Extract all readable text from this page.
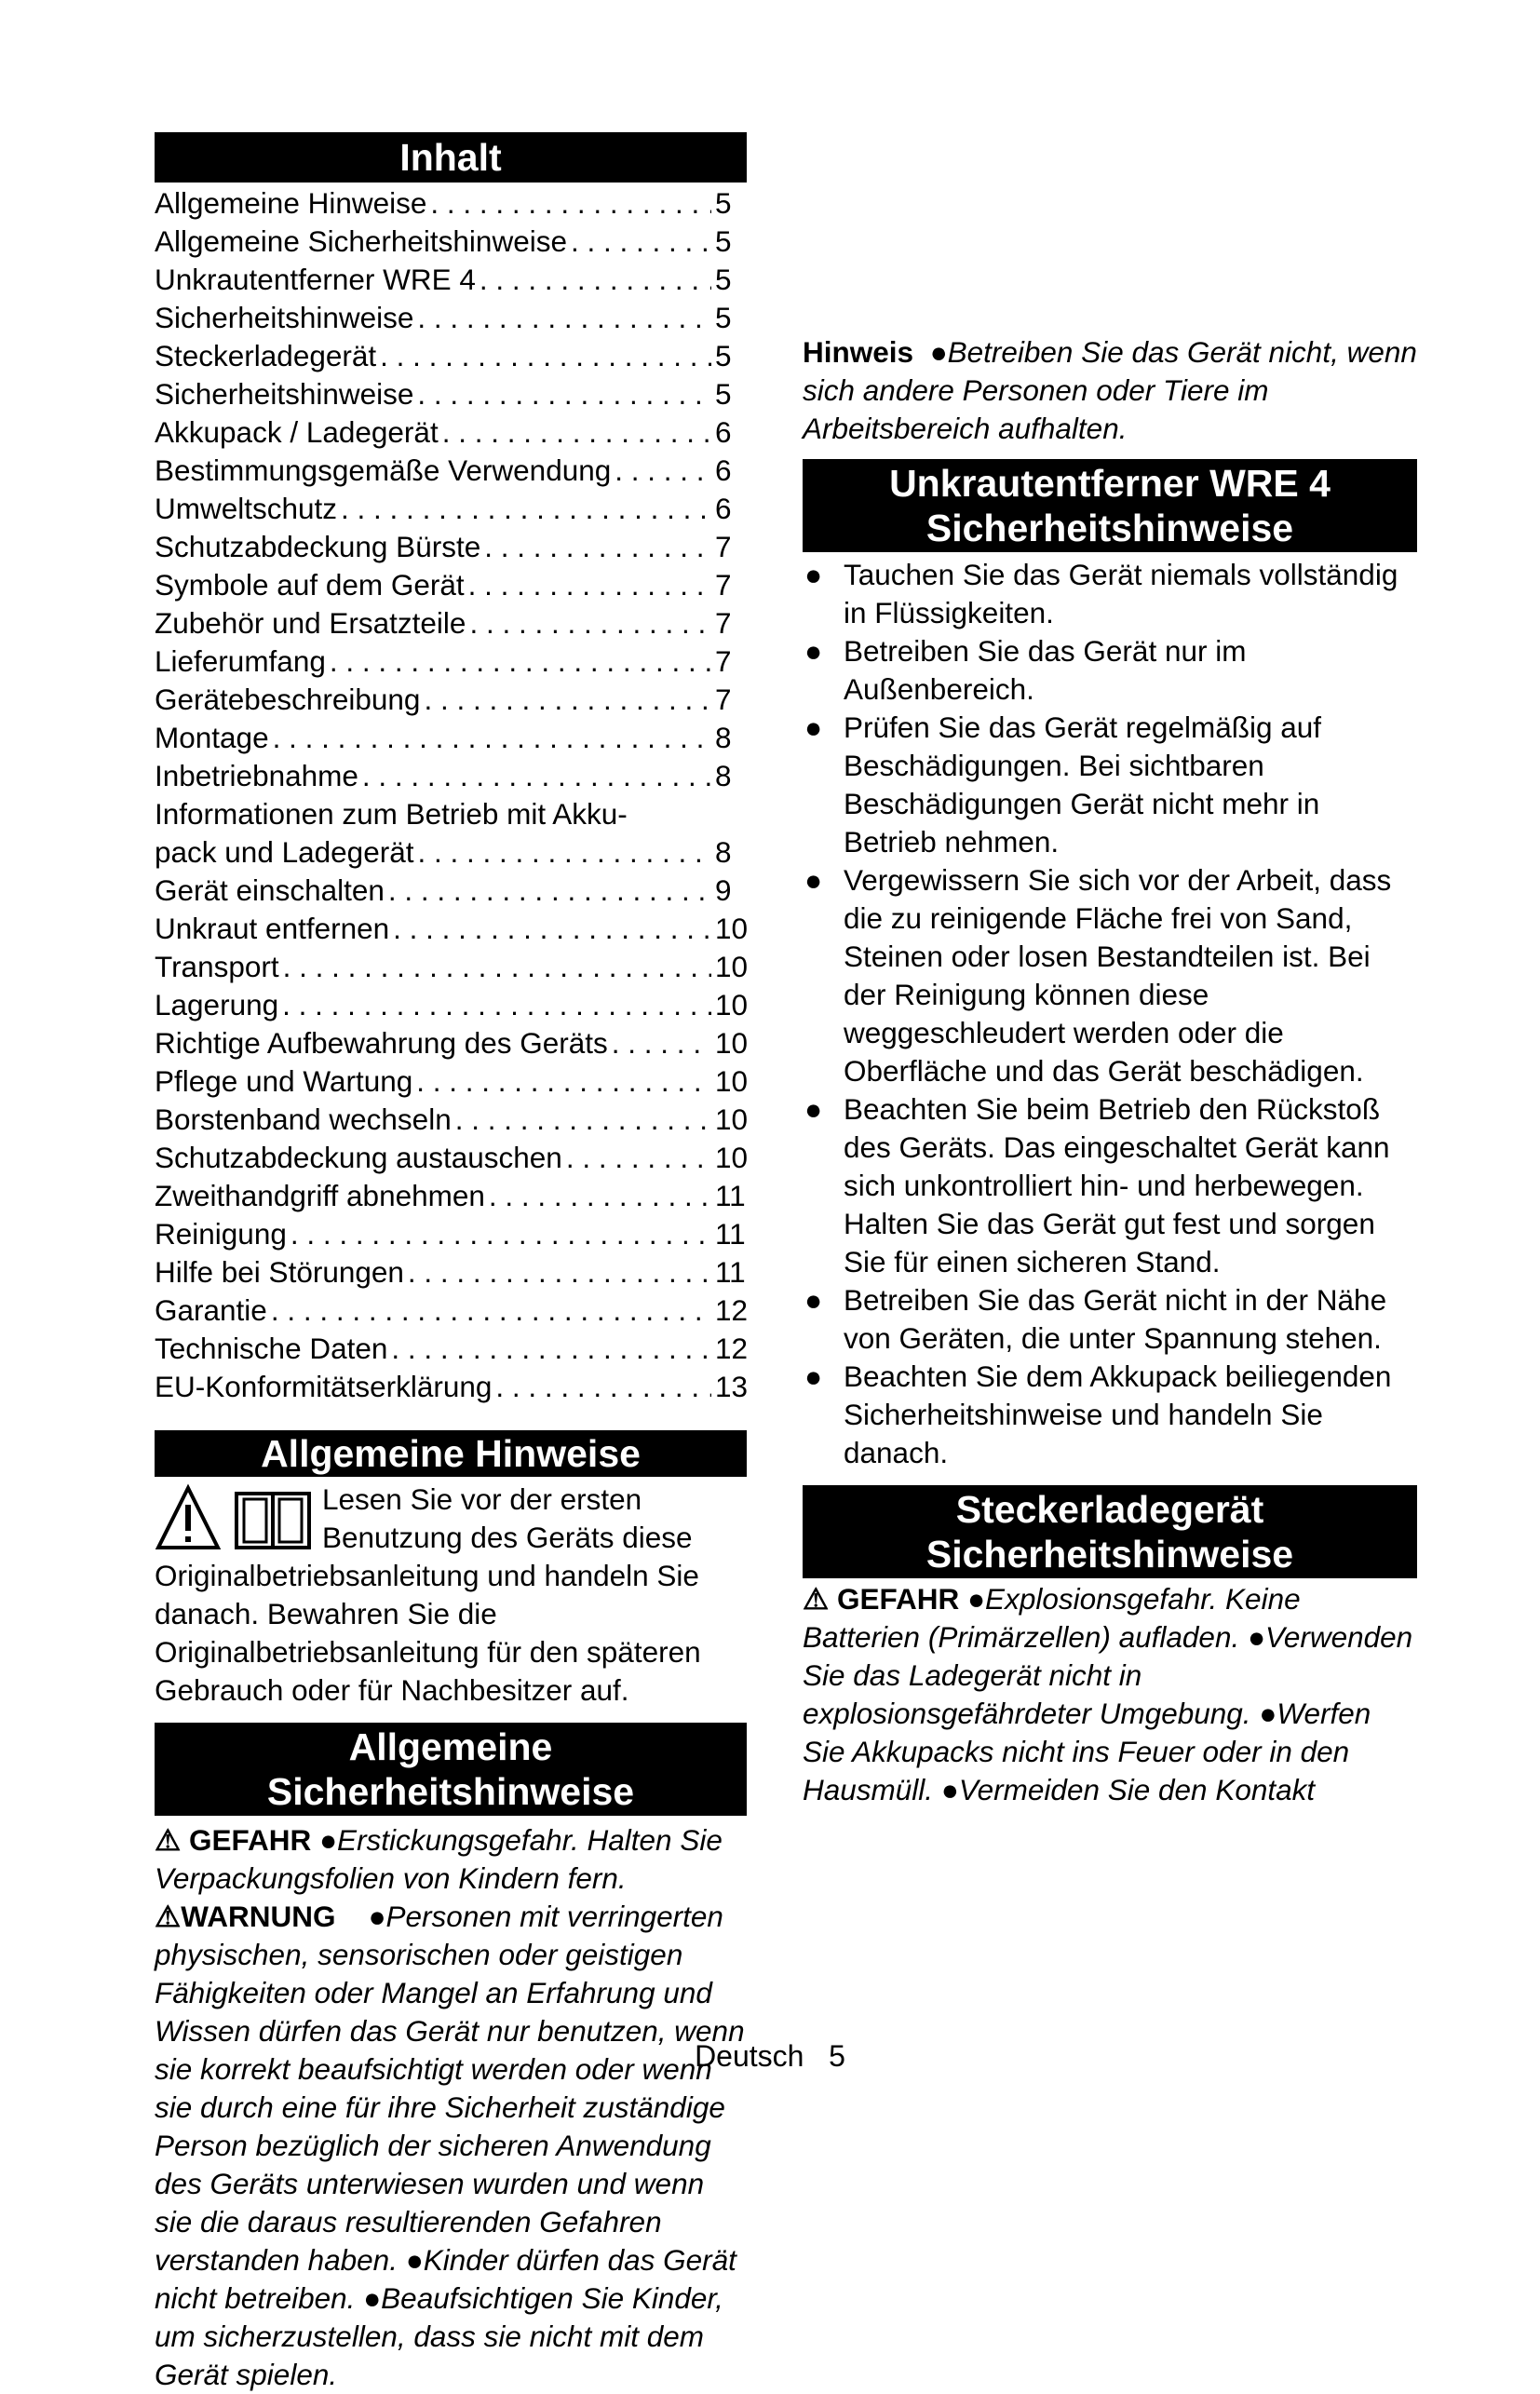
Inhalt
Allgemeine Hinweise . . .	5
Allgemeine Sicherheitshinweise . . .	5
Unkrautentferner WRE 4 . . .	5
Sicherheitshinweise . . .	5
Steckerladegerät . . .	5
Sicherheitshinweise . . .	5
Akkupack / Ladegerät . . .	6
Bestimmungsgemäße Verwendung . . .	6
Umweltschutz . . .	6
Schutzabdeckung Bürste . . .	7
Symbole auf dem Gerät . . .	7
Zubehör und Ersatzteile . . .	7
Lieferumfang . . .	7
Gerätebeschreibung . . .	7
Montage . . .	8
Inbetriebnahme . . .	8
Informationen zum Betrieb mit Akku-
pack und Ladegerät . . .	8
Gerät einschalten . . .	9
Unkraut entfernen . . .	10
Transport . . .	10
Lagerung . . .	10
Richtige Aufbewahrung des Geräts . . .	10
Pflege und Wartung . . .	10
Borstenband wechseln . . .	10
Schutzabdeckung austauschen . . .	10
Zweithandgriff abnehmen . . .	11
Reinigung . . .	11
Hilfe bei Störungen . . .	11
Garantie . . .	12
Technische Daten . . .	12
EU-Konformitätserklärung . . .	13
Allgemeine Hinweise
Lesen Sie vor der ersten Benutzung des Geräts diese Originalbetriebsanleitung und handeln Sie danach. Bewahren Sie die Originalbetriebsanleitung für den späteren Gebrauch oder für Nachbesitzer auf.
Allgemeine
Sicherheitshinweise

⚠ GEFAHR ●Erstickungsgefahr. Halten Sie Verpackungsfolien von Kindern fern.

⚠WARNUNG ●Personen mit verringerten physischen, sensorischen oder geistigen Fähigkeiten oder Mangel an Erfahrung und Wissen dürfen das Gerät nur benutzen, wenn sie korrekt beaufsichtigt werden oder wenn sie durch eine für ihre Sicherheit zuständige Person bezüglich der sicheren Anwendung des Geräts unterwiesen wurden und wenn sie die daraus resultierenden Gefahren verstanden haben. ●Kinder dürfen das Gerät nicht betreiben. ●Beaufsichtigen Sie Kinder, um sicherzustellen, dass sie nicht mit dem Gerät spielen.

Hinweis ●Betreiben Sie das Gerät nicht, wenn sich andere Personen oder Tiere im Arbeitsbereich aufhalten.

Unkrautentferner WRE 4
Sicherheitshinweise
● Tauchen Sie das Gerät niemals vollständig in Flüssigkeiten.
● Betreiben Sie das Gerät nur im Außenbereich.
● Prüfen Sie das Gerät regelmäßig auf Beschädigungen. Bei sichtbaren Beschädigungen Gerät nicht mehr in Betrieb nehmen.
● Vergewissern Sie sich vor der Arbeit, dass die zu reinigende Fläche frei von Sand, Steinen oder losen Bestandteilen ist. Bei der Reinigung können diese weggeschleudert werden oder die Oberfläche und das Gerät beschädigen.
● Beachten Sie beim Betrieb den Rückstoß des Geräts. Das eingeschaltet Gerät kann sich unkontrolliert hin- und herbewegen. Halten Sie das Gerät gut fest und sorgen Sie für einen sicheren Stand.
● Betreiben Sie das Gerät nicht in der Nähe von Geräten, die unter Spannung stehen.
● Beachten Sie dem Akkupack beiliegenden Sicherheitshinweise und handeln Sie danach.
Steckerladegerät
Sicherheitshinweise

⚠ GEFAHR ●Explosionsgefahr. Keine Batterien (Primärzellen) aufladen. ●Verwenden Sie das Ladegerät nicht in explosionsgefährdeter Umgebung. ●Werfen Sie Akkupacks nicht ins Feuer oder in den Hausmüll. ●Vermeiden Sie den Kontakt

Deutsch 5
